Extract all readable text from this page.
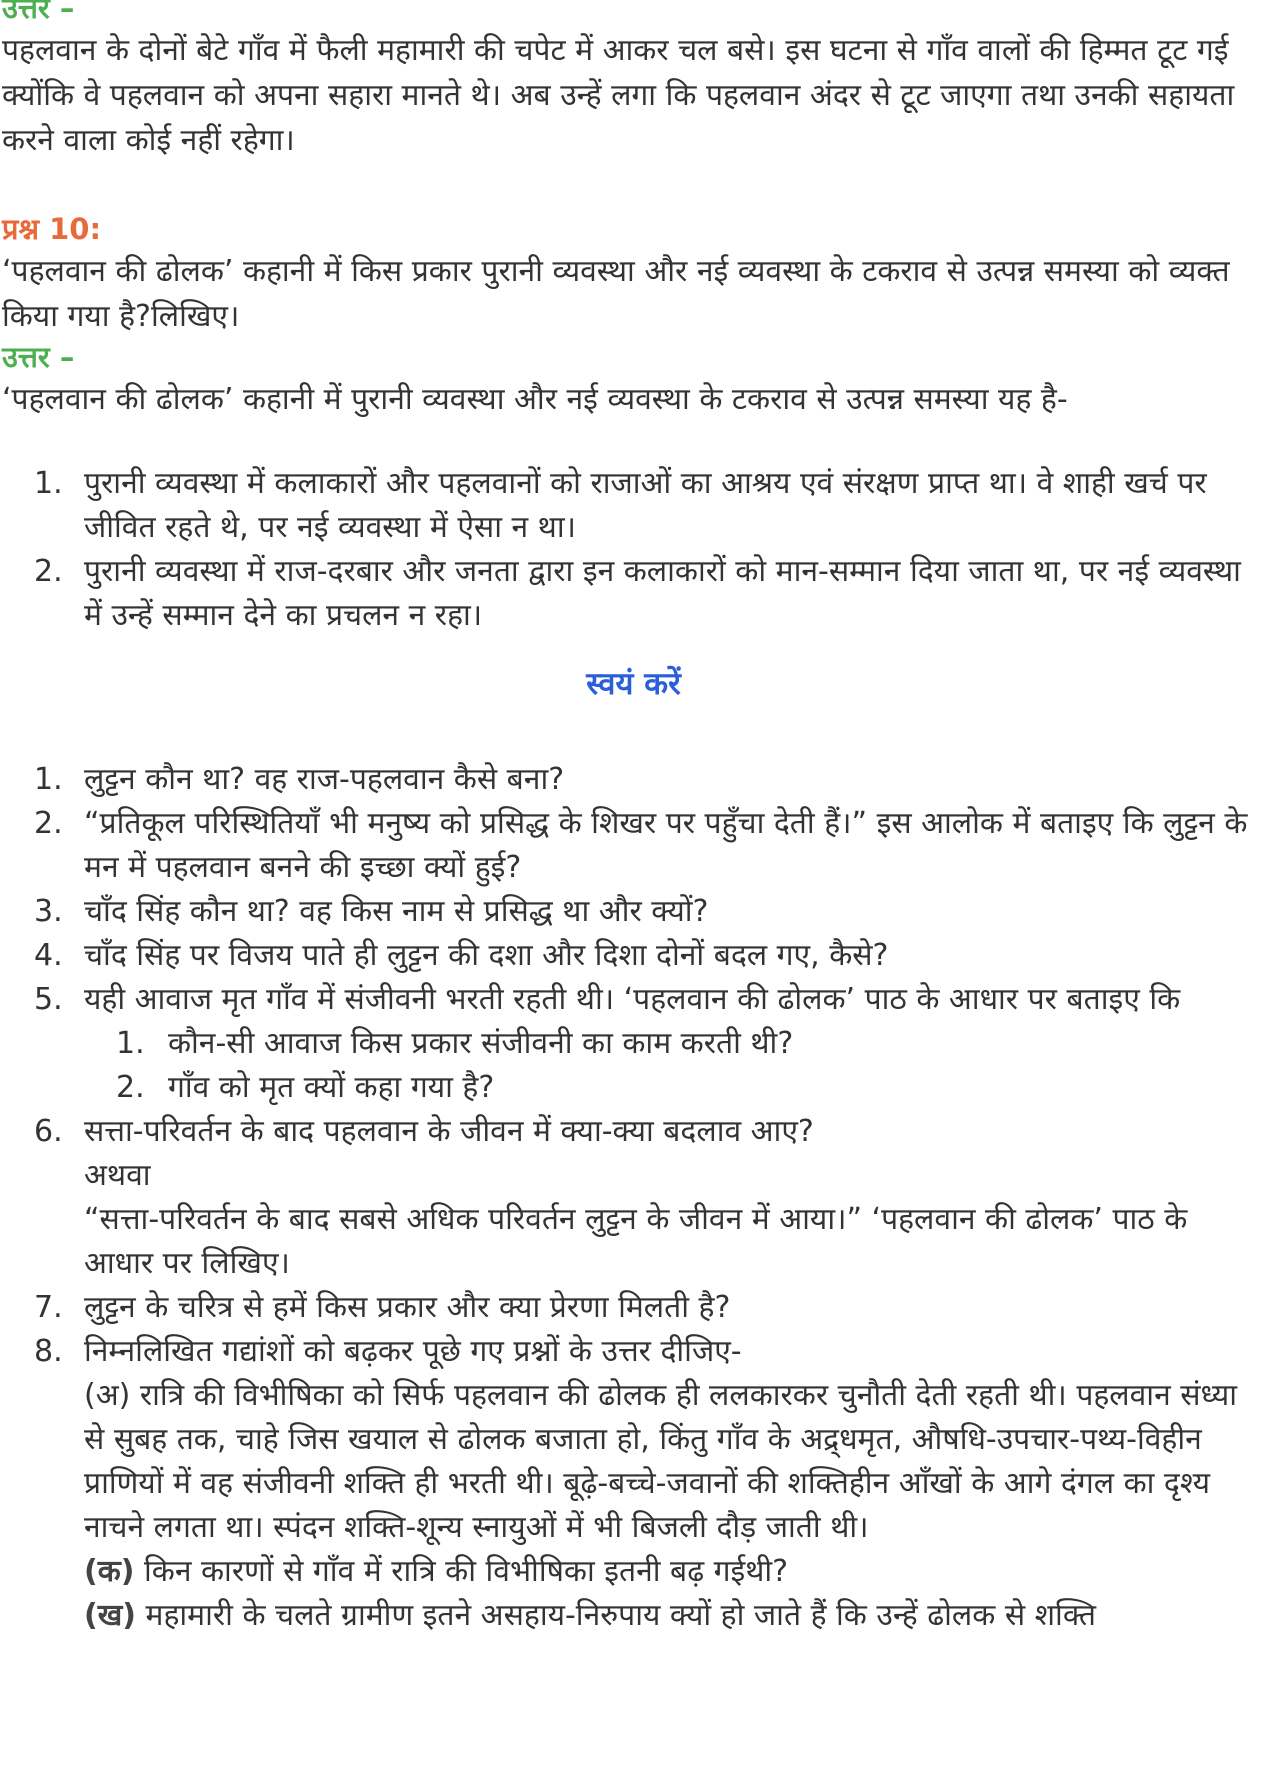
उत्तर –

पहलवान के दोनों बेटे गाँव में फैली महामारी की चपेट में आकर चल बसे। इस घटना से गाँव वालों की हिम्मत टूट गई क्योंकि वे पहलवान को अपना सहारा मानते थे। अब उन्हें लगा कि पहलवान अंदर से टूट जाएगा तथा उनकी सहायता करने वाला कोई नहीं रहेगा।

प्रश्न 10:

‘पहलवान की ढोलक’ कहानी में किस प्रकार पुरानी व्यवस्था और नई व्यवस्था के टकराव से उत्पन्न समस्या को व्यक्त किया गया है?लिखिए।

उत्तर –

‘पहलवान की ढोलक’ कहानी में पुरानी व्यवस्था और नई व्यवस्था के टकराव से उत्पन्न समस्या यह है-

1. पुरानी व्यवस्था में कलाकारों और पहलवानों को राजाओं का आश्रय एवं संरक्षण प्राप्त था। वे शाही खर्च पर जीवित रहते थे, पर नई व्यवस्था में ऐसा न था।
2. पुरानी व्यवस्था में राज-दरबार और जनता द्वारा इन कलाकारों को मान-सम्मान दिया जाता था, पर नई व्यवस्था में उन्हें सम्मान देने का प्रचलन न रहा।
स्वयं करें
1. लुट्टन कौन था? वह राज-पहलवान कैसे बना?
2. “प्रतिकूल परिस्थितियाँ भी मनुष्य को प्रसिद्ध के शिखर पर पहुँचा देती हैं।” इस आलोक में बताइए कि लुट्टन के मन में पहलवान बनने की इच्छा क्यों हुई?
3. चाँद सिंह कौन था? वह किस नाम से प्रसिद्ध था और क्यों?
4. चाँद सिंह पर विजय पाते ही लुट्टन की दशा और दिशा दोनों बदल गए, कैसे?
5. यही आवाज मृत गाँव में संजीवनी भरती रहती थी। ‘पहलवान की ढोलक’ पाठ के आधार पर बताइए कि
1. कौन-सी आवाज किस प्रकार संजीवनी का काम करती थी?
2. गाँव को मृत क्यों कहा गया है?
6. सत्ता-परिवर्तन के बाद पहलवान के जीवन में क्या-क्या बदलाव आए?
अथवा
“सत्ता-परिवर्तन के बाद सबसे अधिक परिवर्तन लुट्टन के जीवन में आया।” ‘पहलवान की ढोलक’ पाठ के आधार पर लिखिए।
7. लुट्टन के चरित्र से हमें किस प्रकार और क्या प्रेरणा मिलती है?
8. निम्नलिखित गद्यांशों को बढ़कर पूछे गए प्रश्नों के उत्तर दीजिए-
(अ) रात्रि की विभीषिका को सिर्फ पहलवान की ढोलक ही ललकारकर चुनौती देती रहती थी। पहलवान संध्या से सुबह तक, चाहे जिस खयाल से ढोलक बजाता हो, किंतु गाँव के अद्र्धमृत, औषधि-उपचार-पथ्य-विहीन प्राणियों में वह संजीवनी शक्ति ही भरती थी। बूढ़े-बच्चे-जवानों की शक्तिहीन आँखों के आगे दंगल का दृश्य नाचने लगता था। स्पंदन शक्ति-शून्य स्नायुओं में भी बिजली दौड़ जाती थी।
(क) किन कारणों से गाँव में रात्रि की विभीषिका इतनी बढ़ गईथी?
(ख) महामारी के चलते ग्रामीण इतने असहाय-निरुपाय क्यों हो जाते हैं कि उन्हें ढोलक से शक्ति
